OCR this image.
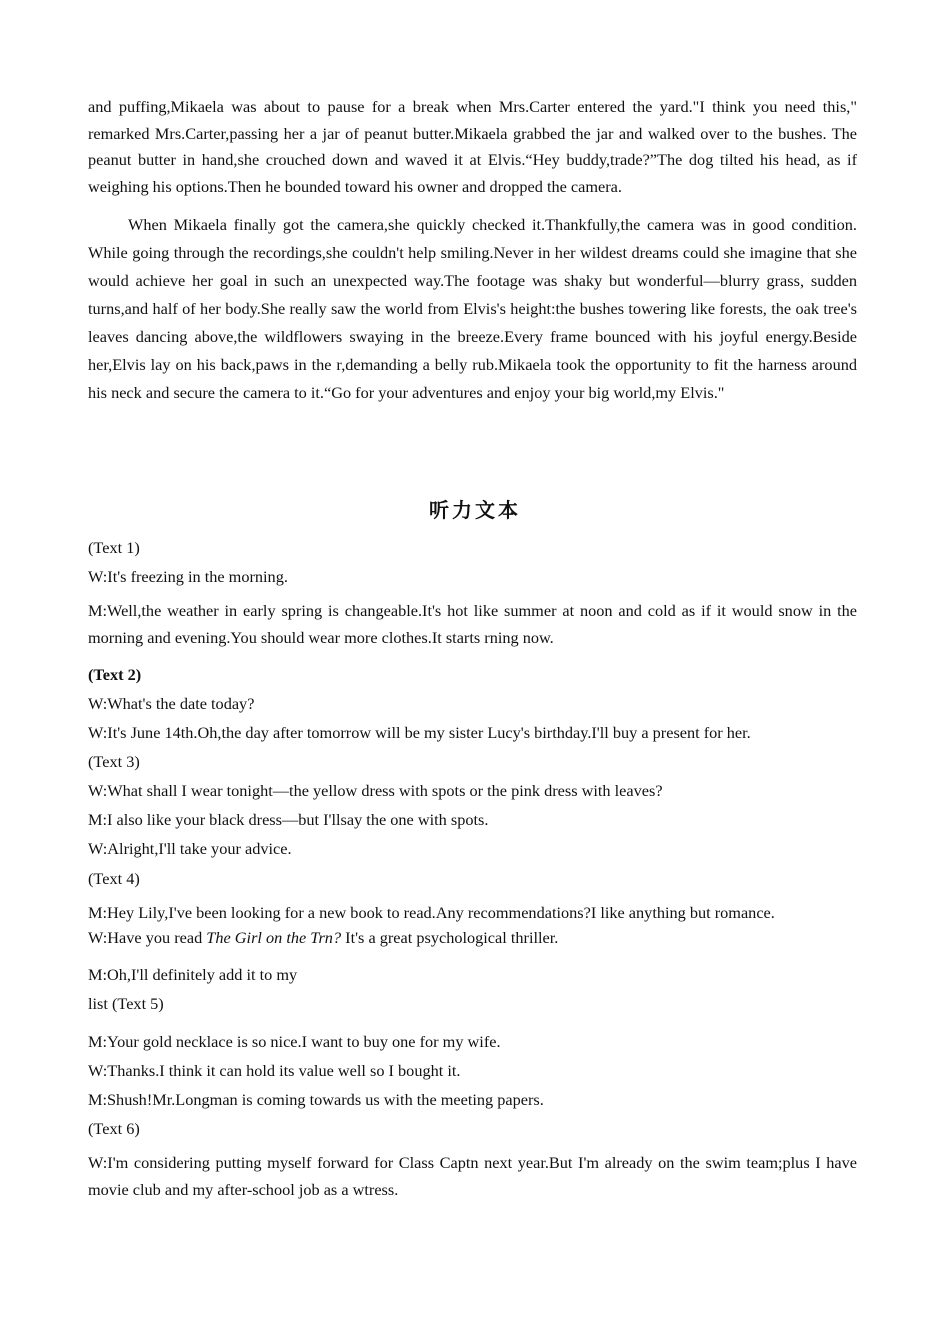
and puffing,Mikaela was about to pause for a break when Mrs.Carter entered the yard."I think you need this," remarked Mrs.Carter,passing her a jar of peanut butter.Mikaela grabbed the jar and walked over to the bushes. The peanut butter in hand,she crouched down and waved it at Elvis.“Hey buddy,trade?”The dog tilted his head, as if weighing his options.Then he bounded toward his owner and dropped the camera.

When Mikaela finally got the camera,she quickly checked it.Thankfully,the camera was in good condition. While going through the recordings,she couldn't help smiling.Never in her wildest dreams could she imagine that she would achieve her goal in such an unexpected way.The footage was shaky but wonderful—blurry grass, sudden turns,and half of her body.She really saw the world from Elvis's height:the bushes towering like forests, the oak tree's leaves dancing above,the wildflowers swaying in the breeze.Every frame bounced with his joyful energy.Beside her,Elvis lay on his back,paws in the r,demanding a belly rub.Mikaela took the opportunity to fit the harness around his neck and secure the camera to it.“Go for your adventures and enjoy your big world,my Elvis."

听力文本

(Text 1)

W:It's freezing in the morning.

M:Well,the weather in early spring is changeable.It's hot like summer at noon and cold as if it would snow in the morning and evening.You should wear more clothes.It starts rning now.

(Text 2)

W:What's the date today?

W:It's June 14th.Oh,the day after tomorrow will be my sister Lucy's birthday.I'll buy a present for her.

(Text 3)

W:What shall I wear tonight—the yellow dress with spots or the pink dress with leaves?

M:I also like your black dress—but I'llsay the one with spots.

W:Alright,I'll take your advice.

(Text 4)

M:Hey Lily,I've been looking for a new book to read.Any recommendations?I like anything but romance.

W:Have you read The Girl on the Trn? It's a great psychological thriller.

M:Oh,I'll definitely add it to my

list (Text 5)

M:Your gold necklace is so nice.I want to buy one for my wife.

W:Thanks.I think it can hold its value well so I bought it.

M:Shush!Mr.Longman is coming towards us with the meeting papers.

(Text 6)

W:I'm considering putting myself forward for Class Captn next year.But I'm already on the swim team;plus I have movie club and my after-school job as a wtress.
